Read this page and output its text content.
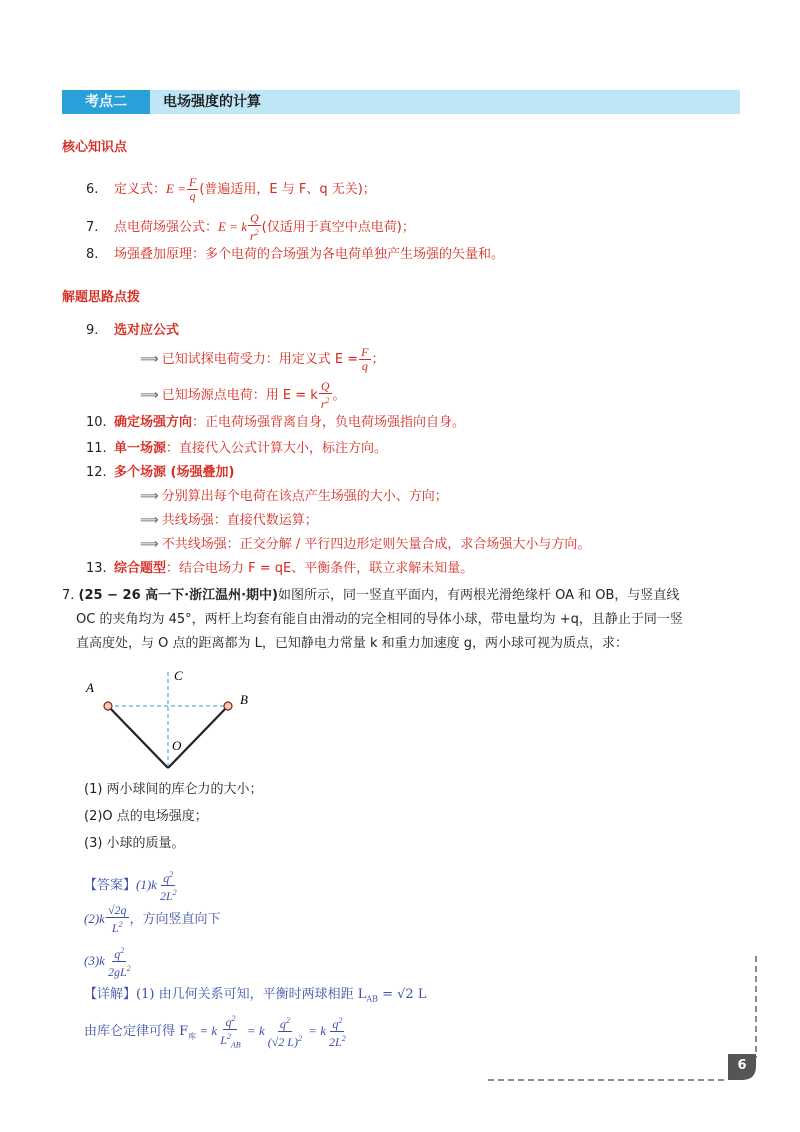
考点二	电场强度的计算
核心知识点
6. 定义式：$E = \frac{F}{q}$ (普遍适用，E 与 F、q 无关)；
7. 点电荷场强公式：E = k $\frac{Q}{r^2}$ (仅适用于真空中点电荷)；
8. 场强叠加原理：多个电荷的合场强为各电荷单独产生场强的矢量和。
解题思路点拨
9. 选对应公式
⟹ 已知试探电荷受力：用定义式 $E = \frac{F}{q}$ ；
⟹ 已知场源点电荷：用 E = k $\frac{Q}{r^2}$ 。
10. 确定场强方向：正电荷场强背离自身，负电荷场强指向自身。
11. 单一场源：直接代入公式计算大小，标注方向。
12. 多个场源 (场强叠加)
⟹ 分别算出每个电荷在该点产生场强的大小、方向；
⟹ 共线场强：直接代数运算；
⟹ 不共线场强：正交分解 / 平行四边形定则矢量合成，求合场强大小与方向。
13. 综合题型：结合电场力 F = qE、平衡条件，联立求解未知量。
7. (25 − 26 高一下·浙江温州·期中)如图所示，同一竖直平面内，有两根光滑绝缘杆 OA 和 OB，与竖直线
OC 的夹角均为 45°，两杆上均套有能自由滑动的完全相同的导体小球，带电量均为 +q，且静止于同一竖
直高度处，与 O 点的距离都为 L，已知静电力常量 k 和重力加速度 g，两小球可视为质点，求：
A
C
B
O
(1) 两小球间的库仑力的大小；
(2)O 点的电场强度；
(3) 小球的质量。
【答案】$(1)k \frac{q^2}{2L^2}$
$(2)k \frac{√2q}{L^2}$ ，方向竖直向下
$(3)k \frac{q^2}{2gL^2}$
【详解】(1) 由几何关系可知，平衡时两球相距 $L_{AB} = √2$ L
由库仑定律可得 $F_库 = k \frac{q^2}{L^2_{AB}} = k \frac{q^2}{(√2 L)^2} = k \frac{q^2}{2L^2}$
6
